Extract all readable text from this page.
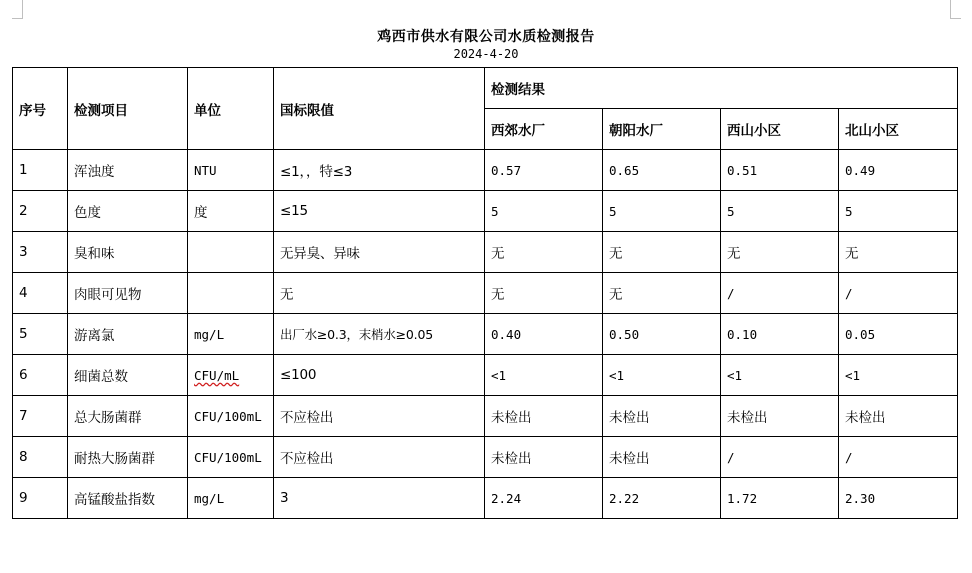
鸡西市供水有限公司水质检测报告
2024-4-20
序号	检测项目	单位	国标限值	检测结果			
				西郊水厂	朝阳水厂	西山小区	北山小区
1	浑浊度	NTU	≤1，，特≤3	0.57	0.65	0.51	0.49
2	色度	度	≤15	5	5	5	5
3	臭和味		无异臭、异味	无	无	无	无
4	肉眼可见物		无	无	无	/	/
5	游离氯	mg/L	出厂水≥0.3，末梢水≥0.05	0.40	0.50	0.10	0.05
6	细菌总数	CFU/mL	≤100	<1	<1	<1	<1
7	总大肠菌群	CFU/100mL	不应检出	未检出	未检出	未检出	未检出
8	耐热大肠菌群	CFU/100mL	不应检出	未检出	未检出	/	/
9	高锰酸盐指数	mg/L	3	2.24	2.22	1.72	2.30
